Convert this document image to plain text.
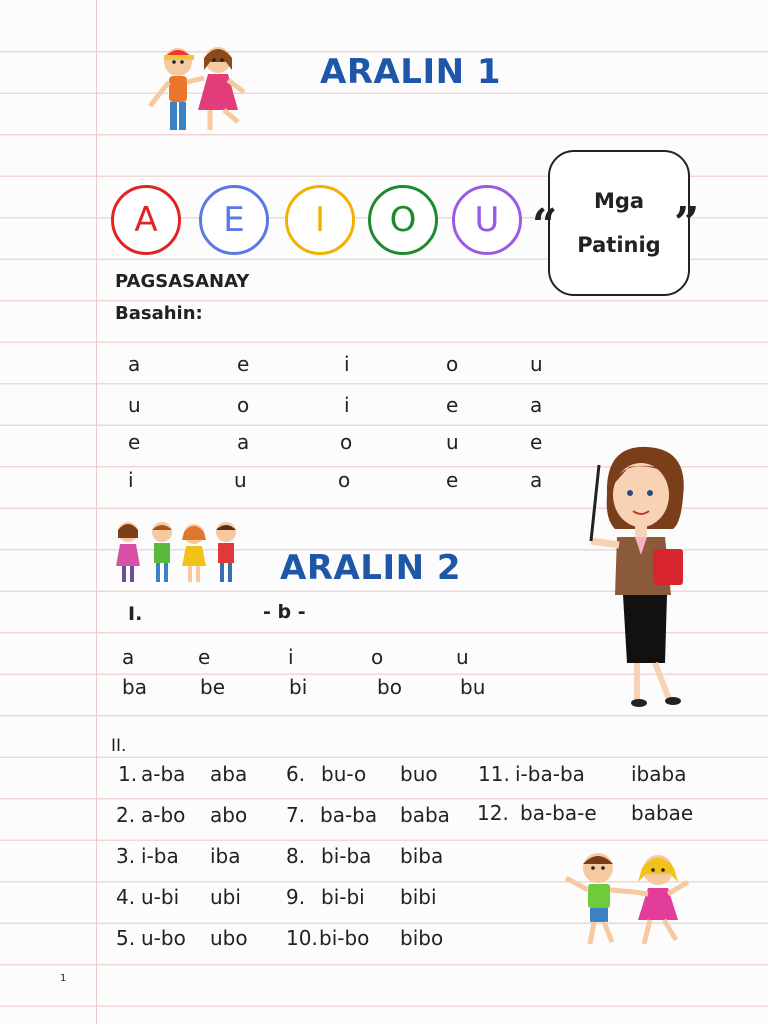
ARALIN 1
A	E	I	O	U	Mga
Patinig
“	”
PAGSASANAY
Basahin:
a	e	i	o	u
u	o	i	e	a
e	a	o	u	e
i	u	o	e	a
ARALIN 2
I.	- b -
a	e	i	o	u
ba	be	bi	bo	bu
II.
1. a-ba aba
2. a-bo abo
3. i-ba iba
4. u-bi ubi
5. u-bo ubo
6. bu-o buo
7. ba-ba baba
8. bi-ba biba
9. bi-bi bibi
10. bi-bo bibo
11. i-ba-ba ibaba
12. ba-ba-e babae
1
